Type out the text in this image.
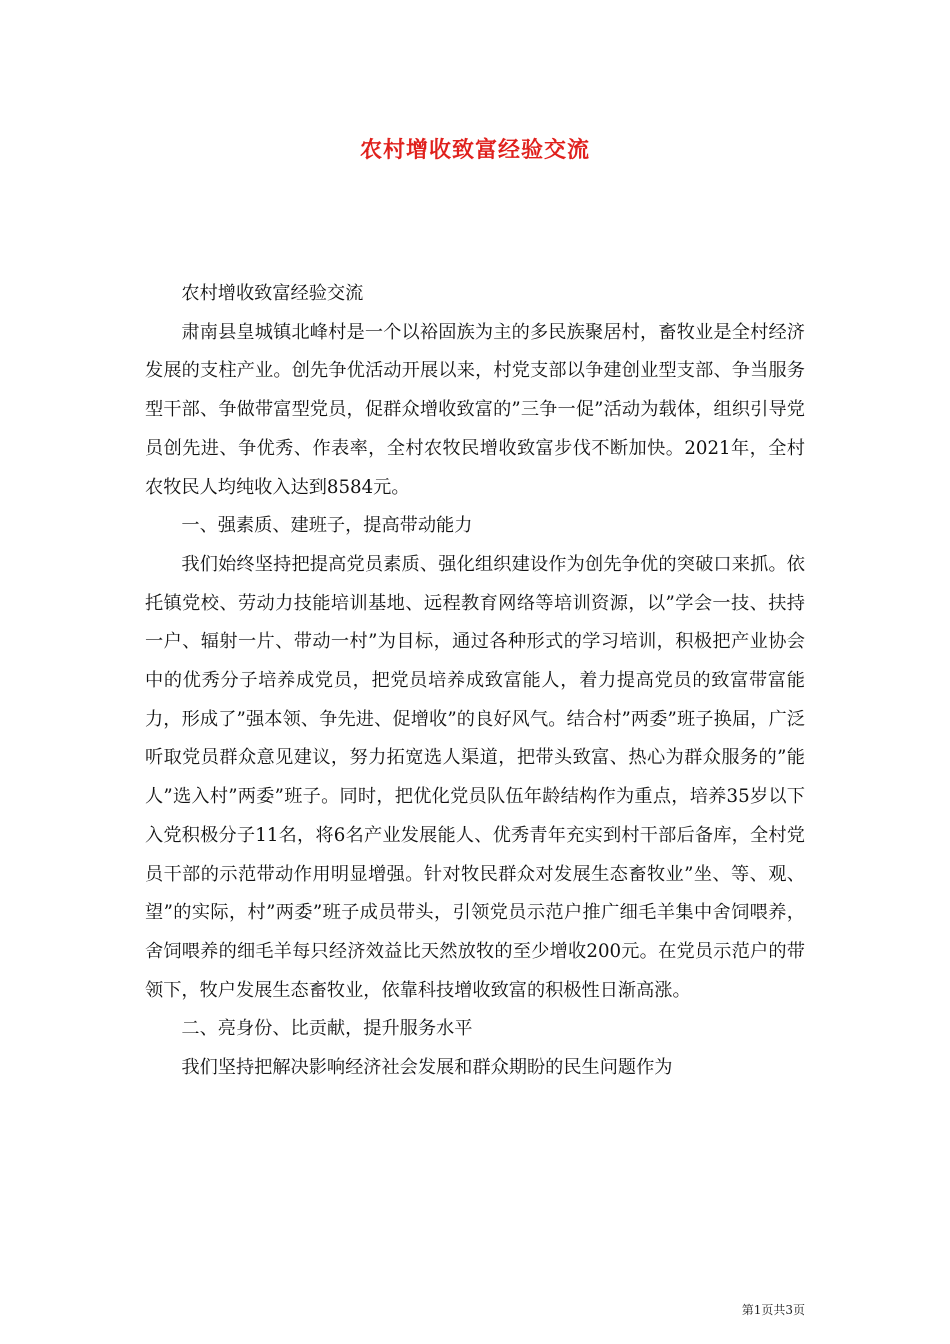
农村增收致富经验交流

农村增收致富经验交流

肃南县皇城镇北峰村是一个以裕固族为主的多民族聚居村，畜牧业是全村经济发展的支柱产业。创先争优活动开展以来，村党支部以争建创业型支部、争当服务型干部、争做带富型党员，促群众增收致富的”三争一促”活动为载体，组织引导党员创先进、争优秀、作表率，全村农牧民增收致富步伐不断加快。2021年，全村农牧民人均纯收入达到8584元。

一、强素质、建班子，提高带动能力

我们始终坚持把提高党员素质、强化组织建设作为创先争优的突破口来抓。依托镇党校、劳动力技能培训基地、远程教育网络等培训资源，以”学会一技、扶持一户、辐射一片、带动一村”为目标，通过各种形式的学习培训，积极把产业协会中的优秀分子培养成党员，把党员培养成致富能人，着力提高党员的致富带富能力，形成了”强本领、争先进、促增收”的良好风气。结合村”两委”班子换届，广泛听取党员群众意见建议，努力拓宽选人渠道，把带头致富、热心为群众服务的”能人”选入村”两委”班子。同时，把优化党员队伍年龄结构作为重点，培养35岁以下入党积极分子11名，将6名产业发展能人、优秀青年充实到村干部后备库，全村党员干部的示范带动作用明显增强。针对牧民群众对发展生态畜牧业”坐、等、观、望”的实际，村”两委”班子成员带头，引领党员示范户推广细毛羊集中舍饲喂养，舍饲喂养的细毛羊每只经济效益比天然放牧的至少增收200元。在党员示范户的带领下，牧户发展生态畜牧业，依靠科技增收致富的积极性日渐高涨。

二、亮身份、比贡献，提升服务水平

我们坚持把解决影响经济社会发展和群众期盼的民生问题作为

第1页共3页
